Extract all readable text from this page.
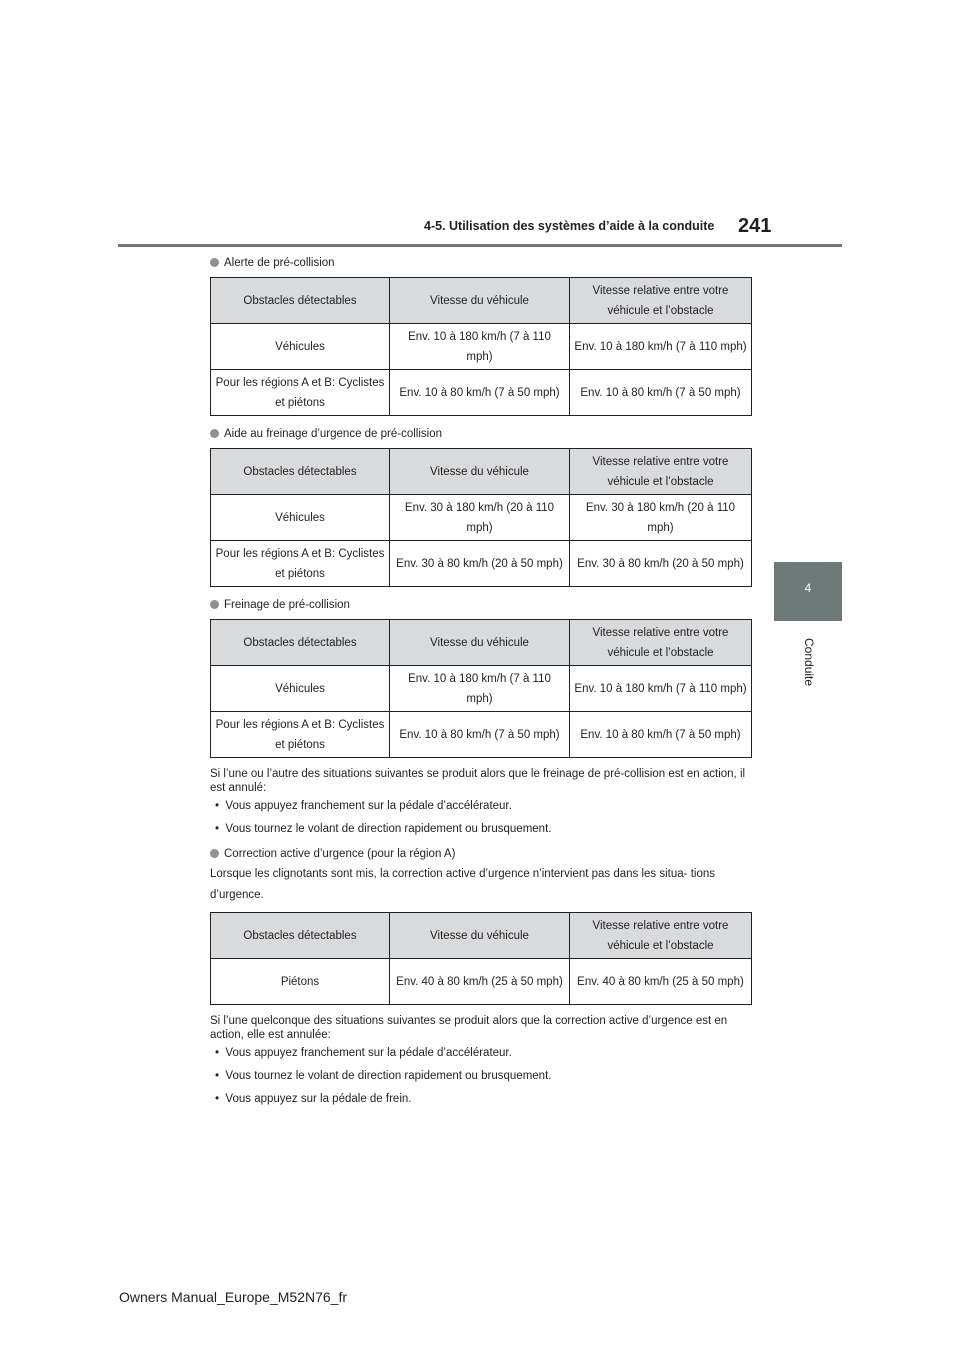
4-5. Utilisation des systèmes d’aide à la conduite 241
4
Conduite
Alerte de pré-collision
Obstacles détectables	Vitesse du véhicule	Vitesse relative entre votre véhicule et l’obstacle
Véhicules	Env. 10 à 180 km/h (7 à 110 mph)	Env. 10 à 180 km/h (7 à 110 mph)
Pour les régions A et B: Cyclistes et piétons	Env. 10 à 80 km/h (7 à 50 mph)	Env. 10 à 80 km/h (7 à 50 mph)
Aide au freinage d’urgence de pré-collision
Obstacles détectables	Vitesse du véhicule	Vitesse relative entre votre véhicule et l’obstacle
Véhicules	Env. 30 à 180 km/h (20 à 110 mph)	Env. 30 à 180 km/h (20 à 110 mph)
Pour les régions A et B: Cyclistes et piétons	Env. 30 à 80 km/h (20 à 50 mph)	Env. 30 à 80 km/h (20 à 50 mph)
Freinage de pré-collision
Obstacles détectables	Vitesse du véhicule	Vitesse relative entre votre véhicule et l’obstacle
Véhicules	Env. 10 à 180 km/h (7 à 110 mph)	Env. 10 à 180 km/h (7 à 110 mph)
Pour les régions A et B: Cyclistes et piétons	Env. 10 à 80 km/h (7 à 50 mph)	Env. 10 à 80 km/h (7 à 50 mph)

Si l’une ou l’autre des situations suivantes se produit alors que le freinage de pré-collision est en action, il est annulé:

•  Vous appuyez franchement sur la pédale d’accélérateur.
•  Vous tournez le volant de direction rapidement ou brusquement.
Correction active d’urgence (pour la région A)

Lorsque les clignotants sont mis, la correction active d’urgence n’intervient pas dans les situa- tions d’urgence.

Obstacles détectables	Vitesse du véhicule	Vitesse relative entre votre véhicule et l’obstacle
Piétons	Env. 40 à 80 km/h (25 à 50 mph)	Env. 40 à 80 km/h (25 à 50 mph)

Si l’une quelconque des situations suivantes se produit alors que la correction active d’urgence est en action, elle est annulée:

•  Vous appuyez franchement sur la pédale d’accélérateur.
•  Vous tournez le volant de direction rapidement ou brusquement.
•  Vous appuyez sur la pédale de frein.
Owners Manual_Europe_M52N76_fr
